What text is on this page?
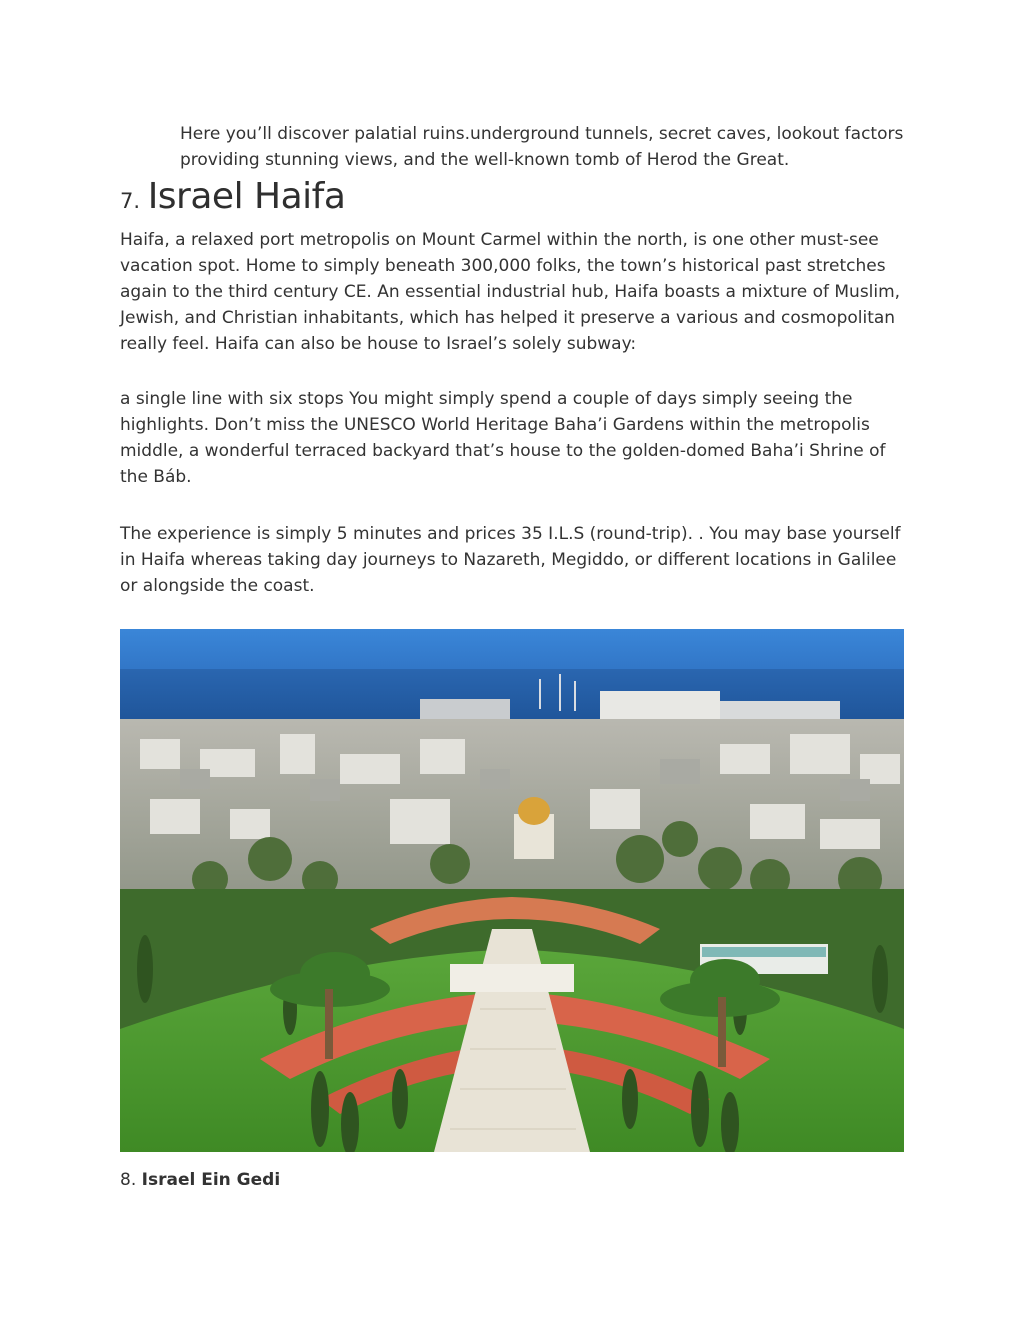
Here you’ll discover palatial ruins.underground tunnels, secret caves, lookout factors providing stunning views, and the well-known tomb of Herod the Great.

7. Israel Haifa

Haifa, a relaxed port metropolis on Mount Carmel within the north, is one other must-see vacation spot. Home to simply beneath 300,000 folks, the town’s historical past stretches again to the third century CE. An essential industrial hub, Haifa boasts a mixture of Muslim, Jewish, and Christian inhabitants, which has helped it preserve a various and cosmopolitan really feel. Haifa can also be house to Israel’s solely subway:

a single line with six stops You might simply spend a couple of days simply seeing the highlights. Don’t miss the UNESCO World Heritage Baha’i Gardens within the metropolis middle, a wonderful terraced backyard that’s house to the golden-domed Baha’i Shrine of the Báb.

The experience is simply 5 minutes and prices 35 I.L.S (round-trip). . You may base yourself in Haifa whereas taking day journeys to Nazareth, Megiddo, or different locations in Galilee or alongside the coast.

8. Israel Ein Gedi
